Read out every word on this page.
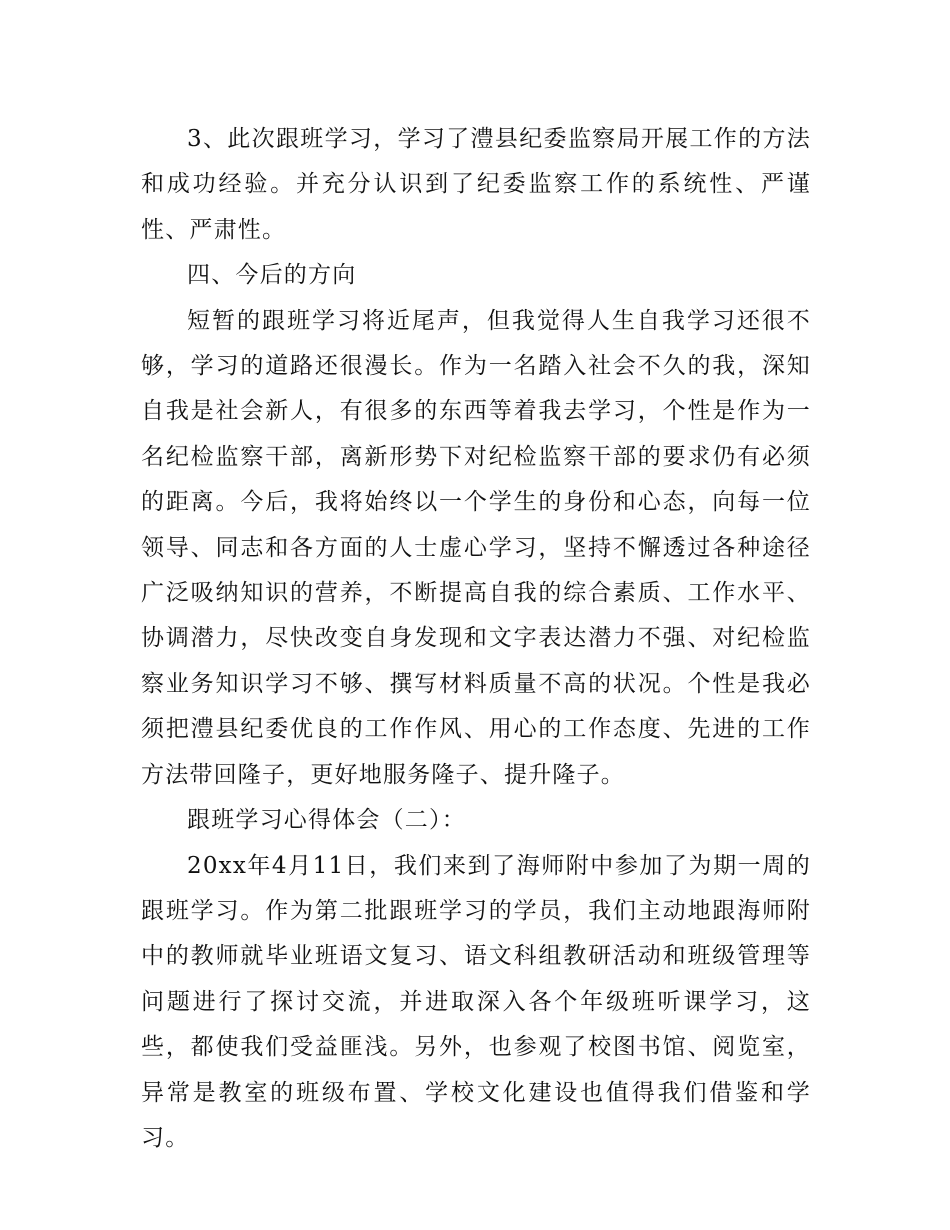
3、此次跟班学习，学习了澧县纪委监察局开展工作的方法和成功经验。并充分认识到了纪委监察工作的系统性、严谨性、严肃性。

四、今后的方向

短暂的跟班学习将近尾声，但我觉得人生自我学习还很不够，学习的道路还很漫长。作为一名踏入社会不久的我，深知自我是社会新人，有很多的东西等着我去学习，个性是作为一名纪检监察干部，离新形势下对纪检监察干部的要求仍有必须的距离。今后，我将始终以一个学生的身份和心态，向每一位领导、同志和各方面的人士虚心学习，坚持不懈透过各种途径广泛吸纳知识的营养，不断提高自我的综合素质、工作水平、协调潜力，尽快改变自身发现和文字表达潜力不强、对纪检监察业务知识学习不够、撰写材料质量不高的状况。个性是我必须把澧县纪委优良的工作作风、用心的工作态度、先进的工作方法带回隆子，更好地服务隆子、提升隆子。

跟班学习心得体会（二）：

20xx年4月11日，我们来到了海师附中参加了为期一周的跟班学习。作为第二批跟班学习的学员，我们主动地跟海师附中的教师就毕业班语文复习、语文科组教研活动和班级管理等问题进行了探讨交流，并进取深入各个年级班听课学习，这些，都使我们受益匪浅。另外，也参观了校图书馆、阅览室，异常是教室的班级布置、学校文化建设也值得我们借鉴和学习。
